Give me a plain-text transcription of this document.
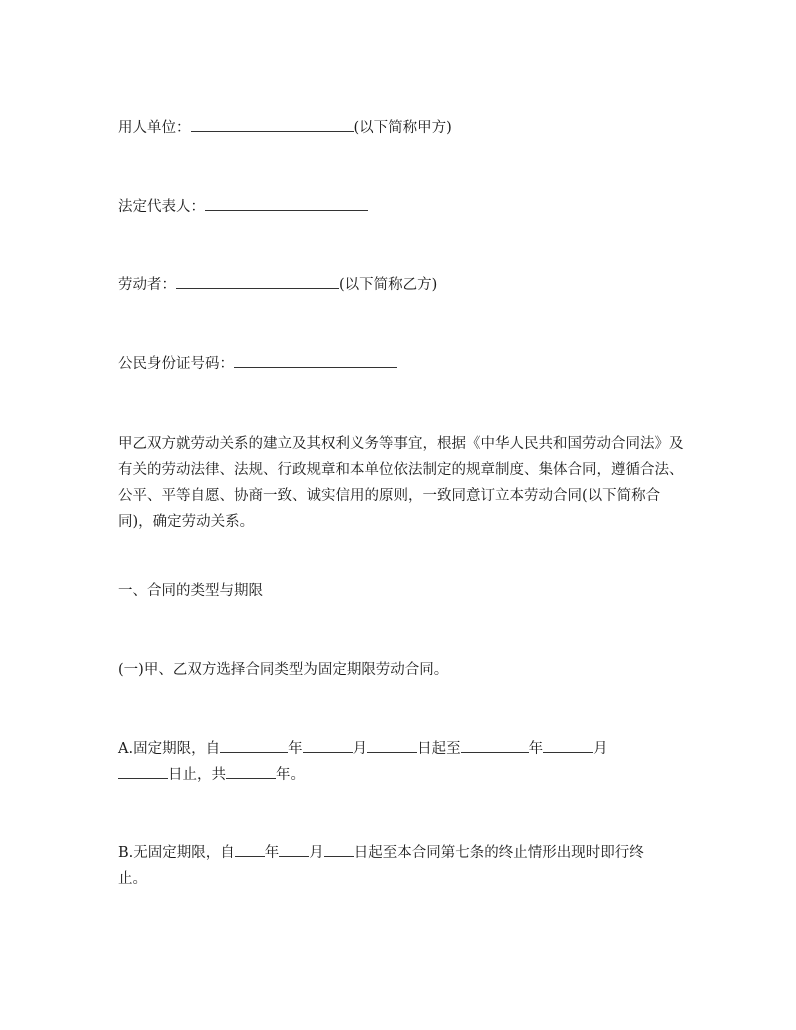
用人单位：	(以下简称甲方)
法定代表人：
劳动者：	(以下简称乙方)
公民身份证号码：
甲乙双方就劳动关系的建立及其权利义务等事宜，根据《中华人民共和国劳动合同法》及有关的劳动法律、法规、行政规章和本单位依法制定的规章制度、集体合同，遵循合法、公平、平等自愿、协商一致、诚实信用的原则，一致同意订立本劳动合同(以下简称合同)，确定劳动关系。
一、合同的类型与期限
(一)甲、乙双方选择合同类型为固定期限劳动合同。
A.固定期限，自	年	月	日起至	年	月
日止，共	年。
B.无固定期限，自 年 月 日起至本合同第七条的终止情形出现时即行终
止。
